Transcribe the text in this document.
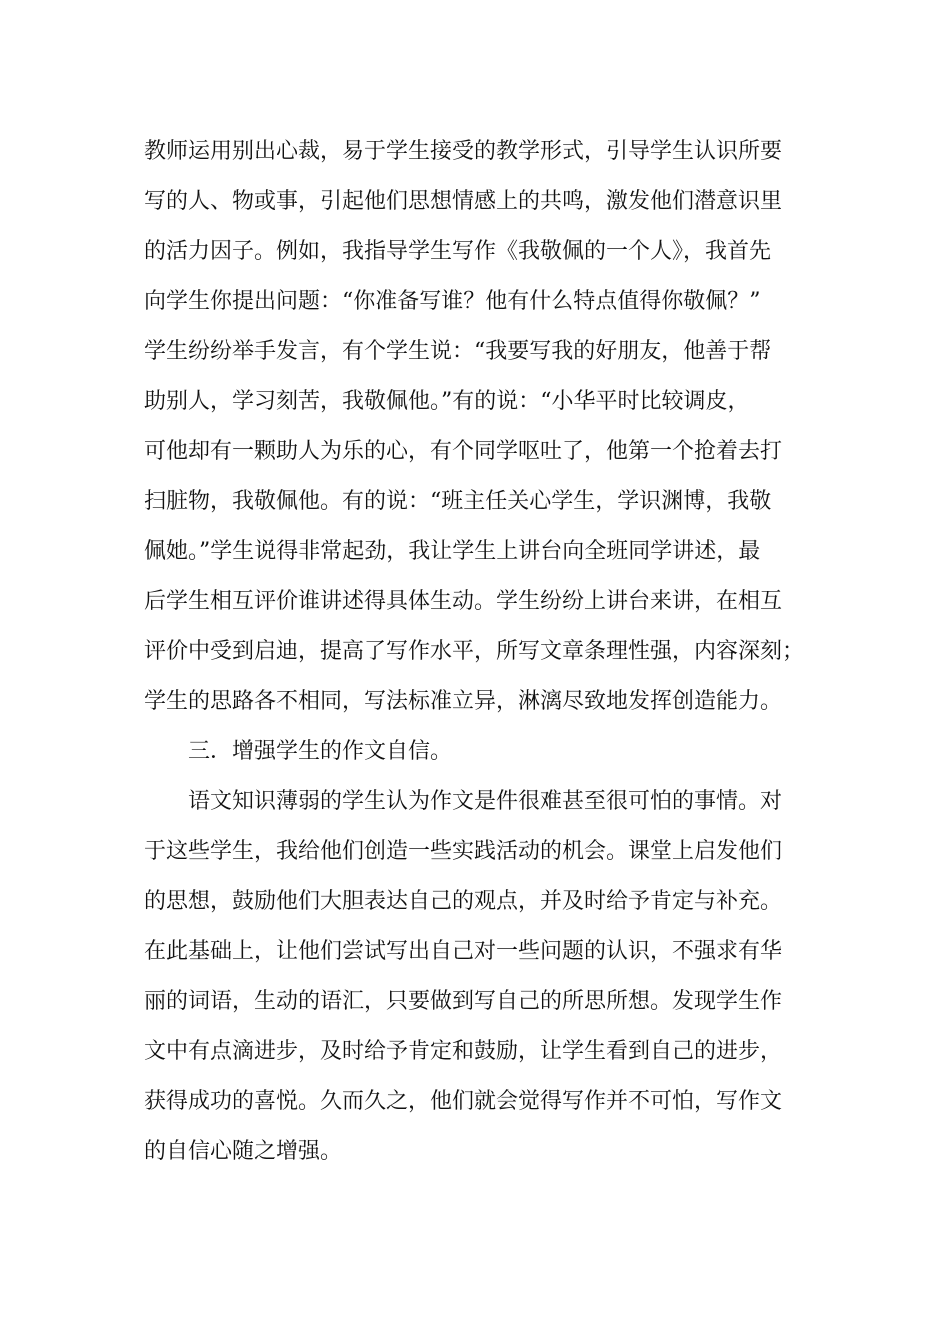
教师运用别出心裁，易于学生接受的教学形式，引导学生认识所要
写的人、物或事，引起他们思想情感上的共鸣，激发他们潜意识里
的活力因子。例如，我指导学生写作《我敬佩的一个人》，我首先
向学生你提出问题：“你准备写谁？他有什么特点值得你敬佩？”
学生纷纷举手发言，有个学生说：“我要写我的好朋友，他善于帮
助别人，学习刻苦，我敬佩他。”有的说：“小华平时比较调皮，
可他却有一颗助人为乐的心，有个同学呕吐了，他第一个抢着去打
扫脏物，我敬佩他。有的说：“班主任关心学生，学识渊博，我敬
佩她。”学生说得非常起劲，我让学生上讲台向全班同学讲述，最
后学生相互评价谁讲述得具体生动。学生纷纷上讲台来讲，在相互
评价中受到启迪，提高了写作水平，所写文章条理性强，内容深刻；
学生的思路各不相同，写法标准立异，淋漓尽致地发挥创造能力。
三．增强学生的作文自信。
语文知识薄弱的学生认为作文是件很难甚至很可怕的事情。对
于这些学生，我给他们创造一些实践活动的机会。课堂上启发他们
的思想，鼓励他们大胆表达自己的观点，并及时给予肯定与补充。
在此基础上，让他们尝试写出自己对一些问题的认识，不强求有华
丽的词语，生动的语汇，只要做到写自己的所思所想。发现学生作
文中有点滴进步，及时给予肯定和鼓励，让学生看到自己的进步，
获得成功的喜悦。久而久之，他们就会觉得写作并不可怕，写作文
的自信心随之增强。
